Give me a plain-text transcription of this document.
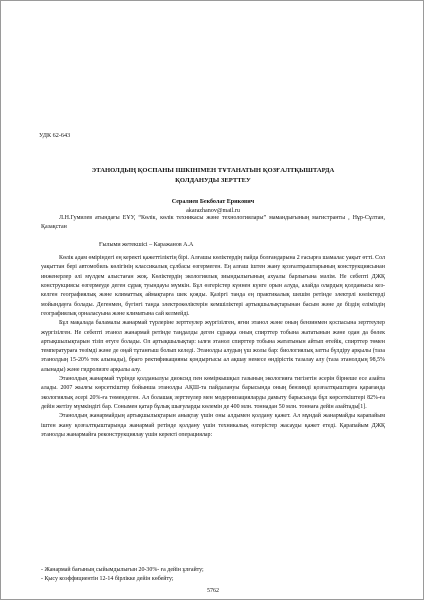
УДК 62-643
ЭТАНОЛДЫҢ ҚОСПАНЫ ІШКІНІМЕН ТҰТАНАТЫН ҚОЗҒАЛТҚЫШТАРДА
ҚОЛДАНУДЫ ЗЕРТТЕУ
Сералиев Бекболат Ерикович
akarazhanov@mail.ru
Л.Н.Гумилев атындағы ЕҰУ, “Көлік, көлік техникасы және технологиялары” мамандығының магистранты , Нұр-Сұлтан, Қазақстан
Ғылыми жетекшісі – Каражанов А.А

Көлік адам өміріндегі ең керекті қажеттіліктің бірі. Алғашы көліктердің пайда болғандарына 2 ғасырға шамалас уақыт өтті. Сол уақыттан бері автомобиль көлігінің классикалық сұлбасы өзгермеген. Ең алғаш іштен жану қозғалтқыштарының конструкциясынан инженерлер әлі мүлдем алыстаған жоқ. Көліктердің экологиялық зиындылығының ахуалы барлығына мәлім. Не себепті ДЖҚ конструкциясы өзгермеуде деген сұрақ туындауы мүмкін. Бұл өзгерістер күннен күнге орын алуда, алайда олардың қолданысы кез-келген географиялық және климаттық аймақтарға шек қояды. Қазіргі танда ең практикалық шешім ретінде электрлі көліктерді мойындауға болады. Дегенмен, бүгінгі таңда электрокөліктерін кемшіліктері артықшылықтарынан басым және де біздің еліміздің географиялық орналасуына және климатына сай келмейді.

Бұл мақалада баламалы жанармай түрлеріне зерттеулер жүргізілген, яғни этанол және оның бензинмен қоспасына зерттеулер жүргізілген. Не себепті этанол жанармай ретінде таңдалды деген сұраққа оның спирттер тобына жататынын және одан да бөлек артықшылықтарын тізіп өтуге болады. Ол артықшылықтар: ылғи этанол спирттер тобына жататынын айтып өтейік, спирттер төмен температураға төзімді және де оңай тұтанғыш болып келеді. Этанолды алудың үш жолы бар: биологиялық затты бүлдіру арқылы (таза этанолдың 15-20% тек алынады), браго ректификацияны қондырғысы ал ақшау немесе өндірістік тазалау алу (таза этанолдың 98,5% алынады) және гидролизге арқылы алу.

Этанолдың жанармай түрінде қолданылуы диоксид пен көміркышқыл газының экологияға тигізетін әсерін бірнеше есе азайта алады. 2007 жылғы көрсеткіштер бойынша этанолды АҚШ-та пайдалануы барысында оның бензинді қозғалтқыштарға қарағанда экологиялық әсері 20%-ға төмендеген. Ал болашақ зерттеулер мен модернизацияларды дамыту барысында бұл көрсеткіштері 82%-ға дейін жетізу мүмкіндігі бар. Сонымен қатар бұлық шығуларды көлемін де 400 млн. тоннадан 50 млн. тоннаға дейін азайтады[1].

Этанолдың жанармайдың артықшылықтарын анықтау үшін оны алдымен қолдану қажет. Ал мұндай жанармайды карапайым іштен жану қозғалтқыштарында жанармай ретінде қолдану үшін техникалық өзгерістер жасауды қажет етеді. Қарапайым ДЖҚ этанолды жанармайға реконструкциялау үшін керекті операциялар:

- Жанармай бағының сыйымдылығын 20-30%- ға дейін ұлғайту;
- Қысу коэффициентін 12-14 бірлікке дейін көбейту;
5762
